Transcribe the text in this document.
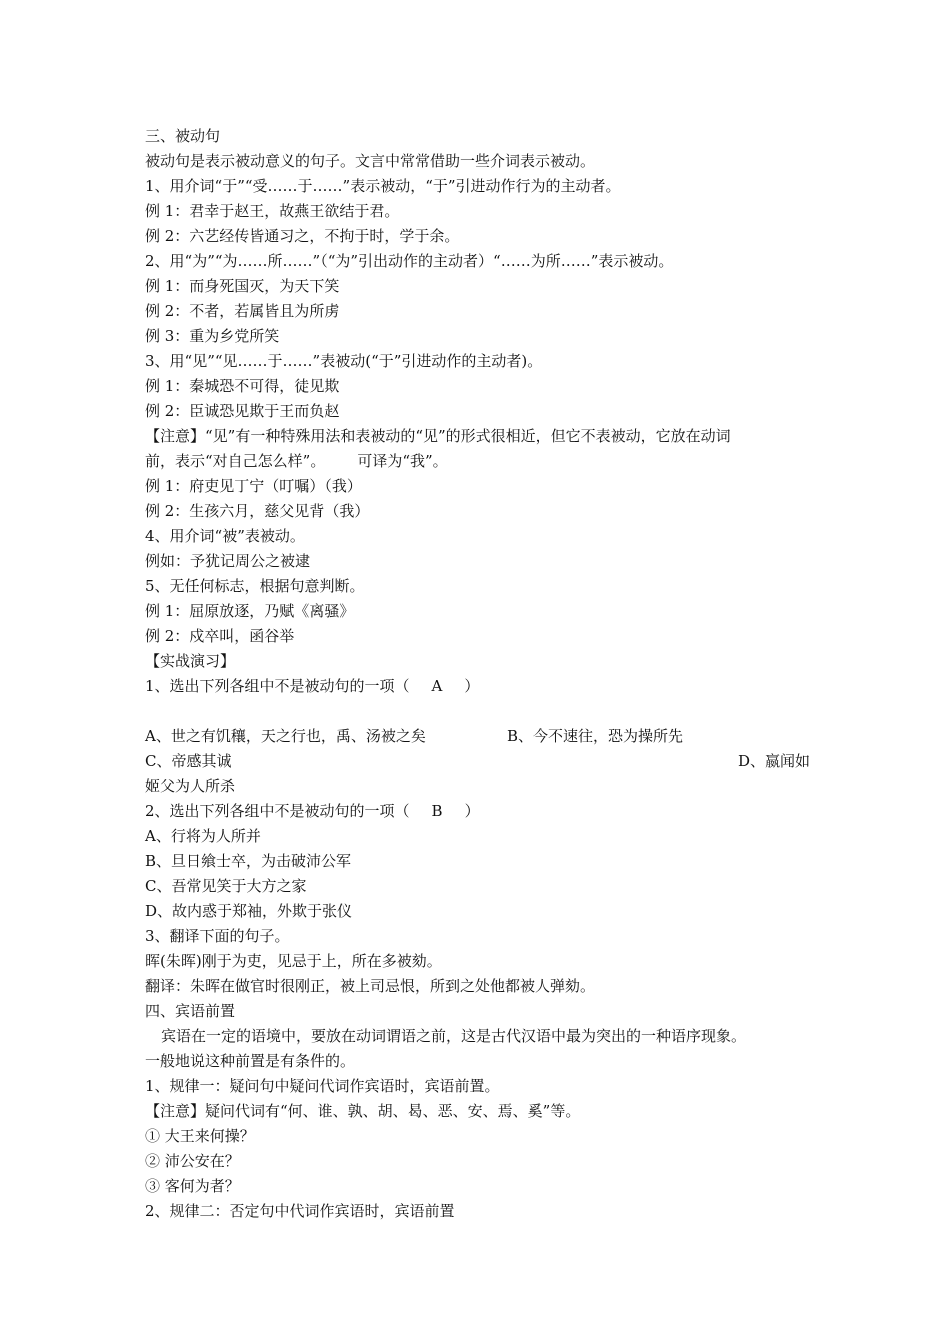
三、被动句
被动句是表示被动意义的句子。文言中常常借助一些介词表示被动。
1、用介词“于”“受……于……”表示被动，“于”引进动作行为的主动者。
例 1：君幸于赵王，故燕王欲结于君。
例 2：六艺经传皆通习之，不拘于时，学于余。
2、用“为”“为……所……”（“为”引出动作的主动者）“……为所……”表示被动。
例 1：而身死国灭，为天下笑
例 2：不者，若属皆且为所虏
例 3：重为乡党所笑
3、用“见”“见……于……”表被动(“于”引进动作的主动者)。
例 1：秦城恐不可得，徒见欺
例 2：臣诚恐见欺于王而负赵
【注意】“见”有一种特殊用法和表被动的“见”的形式很相近，但它不表被动，它放在动词
前，表示“对自己怎么样”。 可译为“我”。
例 1：府吏见丁宁（叮嘱）（我）
例 2：生孩六月，慈父见背（我）
4、用介词“被”表被动。
例如：予犹记周公之被逮
5、无任何标志，根据句意判断。
例 1：屈原放逐，乃赋《离骚》
例 2：戍卒叫，函谷举
【实战演习】
1、选出下列各组中不是被动句的一项（ A ）
A、世之有饥穰，天之行也，禹、汤被之矣	B、今不速往，恐为操所先
C、帝感其诚	D、嬴闻如
姬父为人所杀
2、选出下列各组中不是被动句的一项（ B ）
A、行将为人所并
B、旦日飨士卒，为击破沛公军
C、吾常见笑于大方之家
D、故内惑于郑袖，外欺于张仪
3、翻译下面的句子。
晖(朱晖)刚于为吏，见忌于上，所在多被劾。
翻译：朱晖在做官时很刚正，被上司忌恨，所到之处他都被人弹劾。
四、宾语前置
宾语在一定的语境中，要放在动词谓语之前，这是古代汉语中最为突出的一种语序现象。
一般地说这种前置是有条件的。
1、规律一：疑问句中疑问代词作宾语时，宾语前置。
【注意】疑问代词有“何、谁、孰、胡、曷、恶、安、焉、奚”等。
① 大王来何操？
② 沛公安在？
③ 客何为者？
2、规律二：否定句中代词作宾语时，宾语前置
